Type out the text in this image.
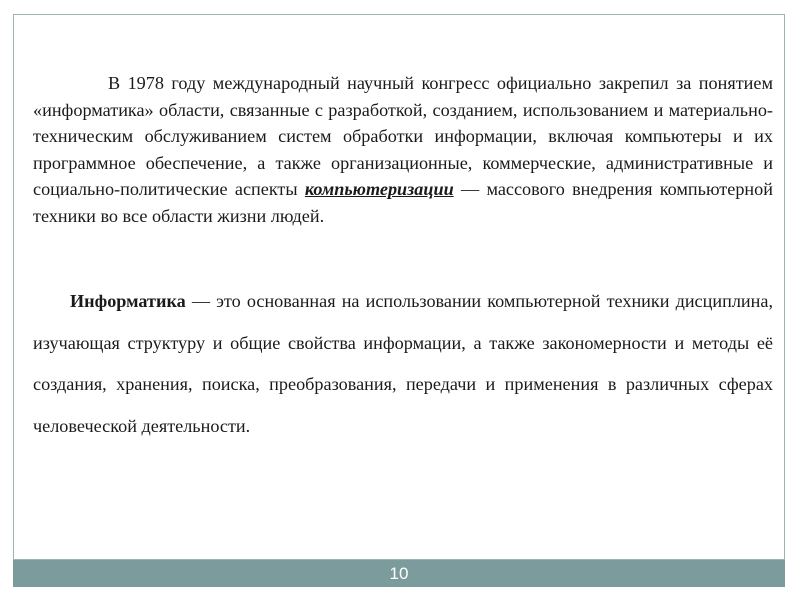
В 1978 году международный научный конгресс официально закрепил за понятием «информатика» области, связанные с разработкой, созданием, использованием и материально-техническим обслуживанием систем обработки информации, включая компьютеры и их программное обеспечение, а также организационные, коммерческие, административные и социально-политические аспекты компьютеризации — массового внедрения компьютерной техники во все области жизни людей.

Информатика — это основанная на использовании компьютерной техники дисциплина, изучающая структуру и общие свойства информации, а также закономерности и методы её создания, хранения, поиска, преобразования, передачи и применения в различных сферах человеческой деятельности.

10
